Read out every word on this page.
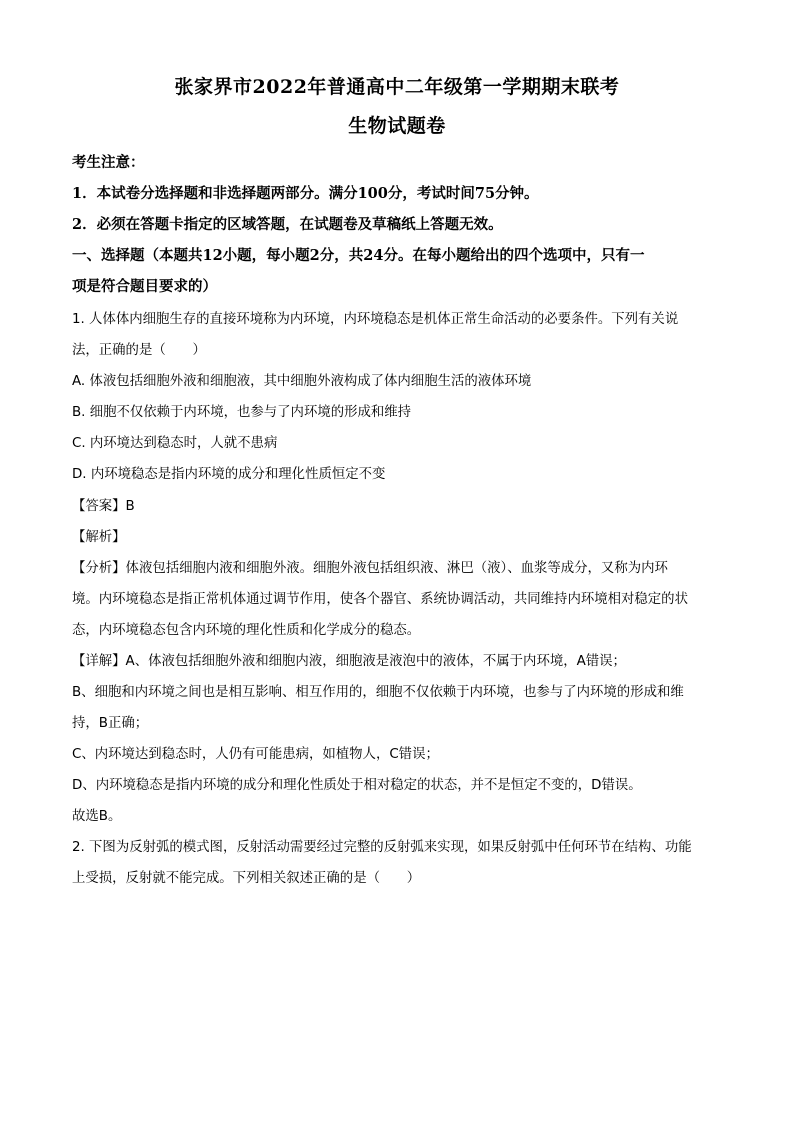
张家界市2022年普通高中二年级第一学期期末联考
生物试题卷
考生注意：
1．本试卷分选择题和非选择题两部分。满分100分，考试时间75分钟。
2．必须在答题卡指定的区域答题，在试题卷及草稿纸上答题无效。
一、选择题（本题共12小题，每小题2分，共24分。在每小题给出的四个选项中，只有一
项是符合题目要求的）
1. 人体体内细胞生存的直接环境称为内环境，内环境稳态是机体正常生命活动的必要条件。下列有关说
法，正确的是（　　）
A. 体液包括细胞外液和细胞液，其中细胞外液构成了体内细胞生活的液体环境
B. 细胞不仅依赖于内环境，也参与了内环境的形成和维持
C. 内环境达到稳态时，人就不患病
D. 内环境稳态是指内环境的成分和理化性质恒定不变
【答案】B
【解析】
【分析】体液包括细胞内液和细胞外液。细胞外液包括组织液、淋巴（液）、血浆等成分，又称为内环
境。内环境稳态是指正常机体通过调节作用，使各个器官、系统协调活动，共同维持内环境相对稳定的状
态，内环境稳态包含内环境的理化性质和化学成分的稳态。
【详解】A、体液包括细胞外液和细胞内液，细胞液是液泡中的液体，不属于内环境，A错误；
B、细胞和内环境之间也是相互影响、相互作用的，细胞不仅依赖于内环境，也参与了内环境的形成和维
持，B正确；
C、内环境达到稳态时，人仍有可能患病，如植物人，C错误；
D、内环境稳态是指内环境的成分和理化性质处于相对稳定的状态，并不是恒定不变的，D错误。
故选B。
2. 下图为反射弧的模式图，反射活动需要经过完整的反射弧来实现，如果反射弧中任何环节在结构、功能
上受损，反射就不能完成。下列相关叙述正确的是（　　）
